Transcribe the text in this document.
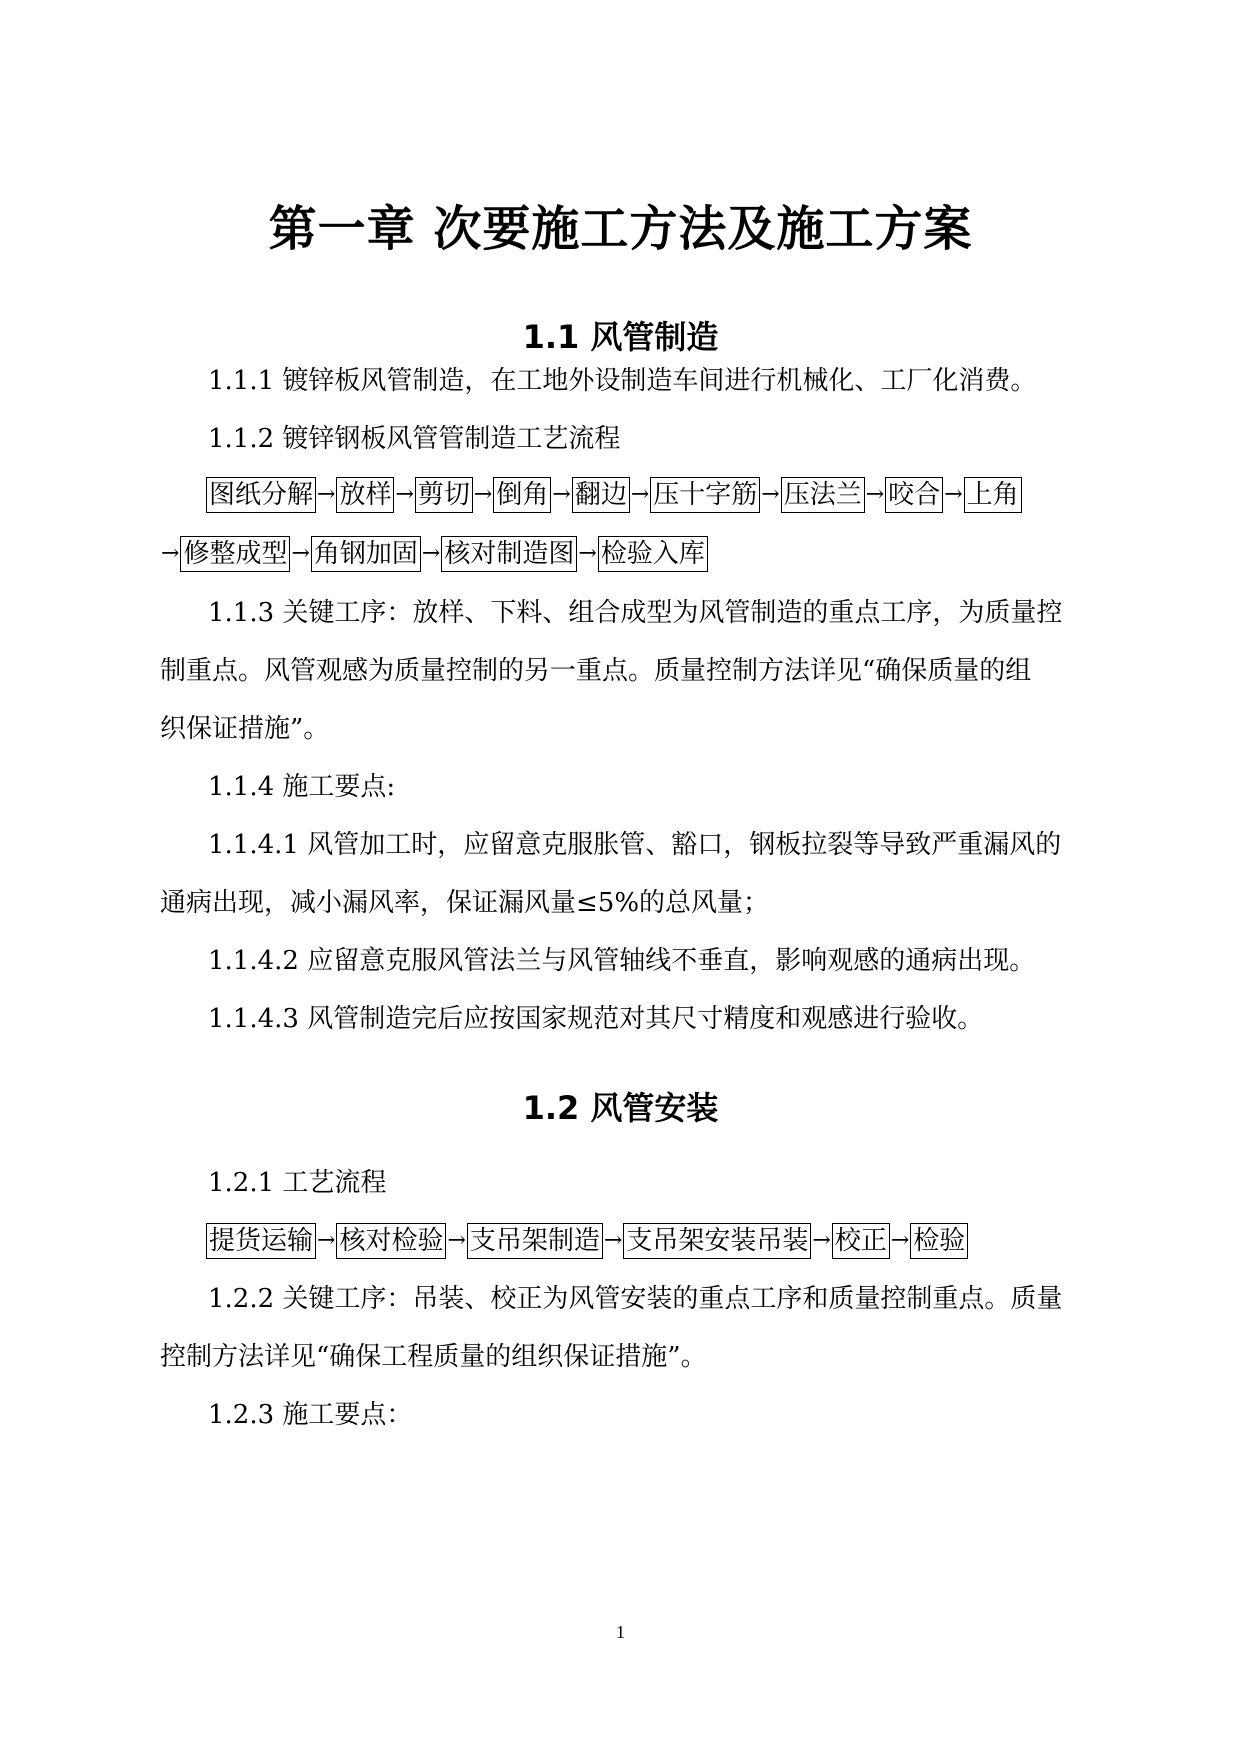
第一章 次要施工方法及施工方案
1.1 风管制造
1.1.1 镀锌板风管制造，在工地外设制造车间进行机械化、工厂化消费。
1.1.2 镀锌钢板风管管制造工艺流程
图纸分解 → 放样 → 剪切 → 倒角 → 翻边 → 压十字筋 → 压法兰 → 咬合 → 上角
→ 修整成型 → 角钢加固 → 核对制造图 → 检验入库
1.1.3 关键工序：放样、下料、组合成型为风管制造的重点工序，为质量控
制重点。风管观感为质量控制的另一重点。质量控制方法详见“确保质量的组
织保证措施”。
1.1.4 施工要点:
1.1.4.1 风管加工时，应留意克服胀管、豁口，钢板拉裂等导致严重漏风的
通病出现，减小漏风率，保证漏风量≤5%的总风量；
1.1.4.2 应留意克服风管法兰与风管轴线不垂直，影响观感的通病出现。
1.1.4.3 风管制造完后应按国家规范对其尺寸精度和观感进行验收。
1.2 风管安装
1.2.1 工艺流程
提货运输 → 核对检验 → 支吊架制造 → 支吊架安装吊装 → 校正 → 检验
1.2.2 关键工序：吊装、校正为风管安装的重点工序和质量控制重点。质量
控制方法详见“确保工程质量的组织保证措施”。
1.2.3 施工要点：
1
